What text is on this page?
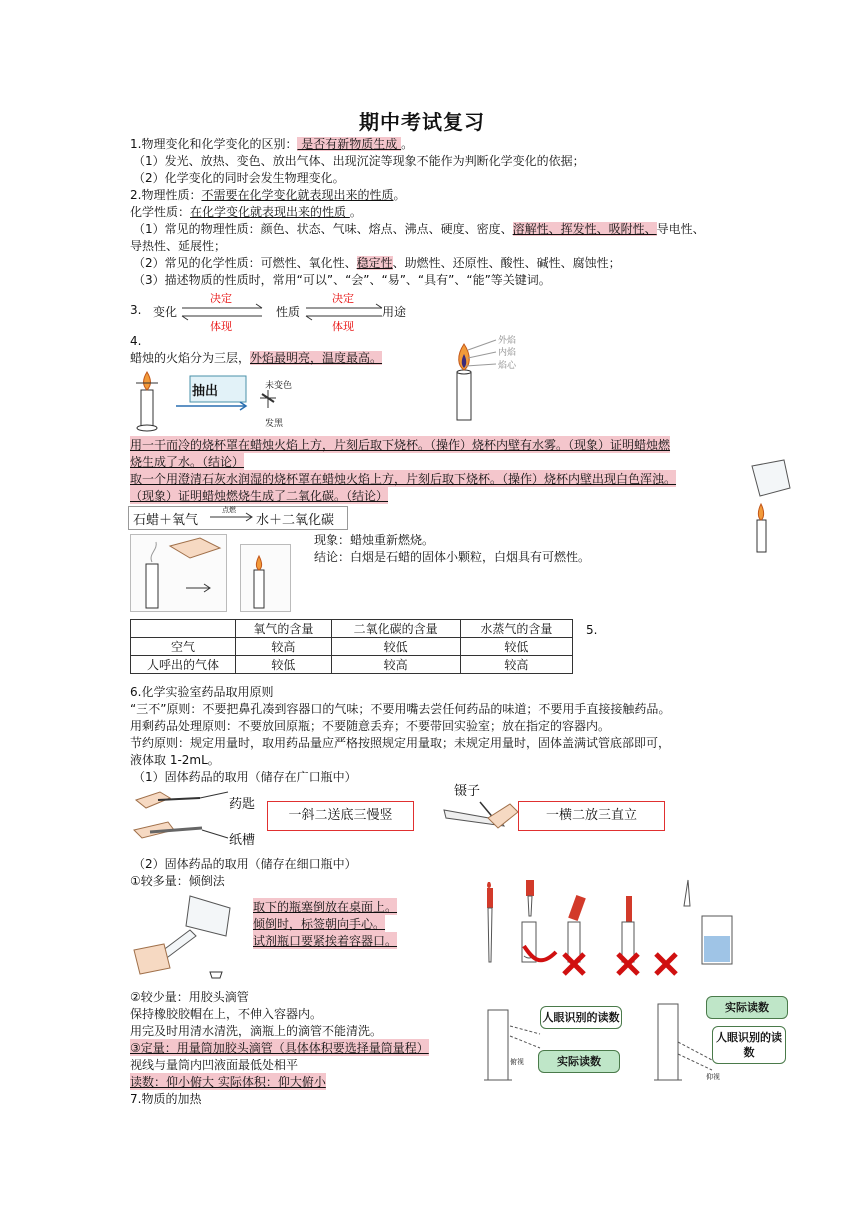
期中考试复习
1.物理变化和化学变化的区别： 是否有新物质生成 。
（1）发光、放热、变色、放出气体、出现沉淀等现象不能作为判断化学变化的依据；
（2）化学变化的同时会发生物理变化。
2.物理性质：不需要在化学变化就表现出来的性质。
化学性质：在化学变化就表现出来的性质 。
（1）常见的物理性质：颜色、状态、气味、熔点、沸点、硬度、密度、溶解性、挥发性、吸附性、导电性、
导热性、延展性；
（2）常见的化学性质：可燃性、氧化性、稳定性、助燃性、还原性、酸性、碱性、腐蚀性；
（3）描述物质的性质时，常用“可以”、“会”、“易”、“具有”、“能”等关键词。
3. 变化
决定
体现
性质
决定
体现
用途
4.
蜡烛的火焰分为三层，外焰最明亮，温度最高。
抽出	未变色
发黑
外焰
内焰
焰心
用一干而冷的烧杯罩在蜡烛火焰上方，片刻后取下烧杯。（操作）烧杯内壁有水雾。（现象）证明蜡烛燃
烧生成了水。（结论）
取一个用澄清石灰水润湿的烧杯罩在蜡烛火焰上方，片刻后取下烧杯。（操作）烧杯内壁出现白色浑浊。
（现象）证明蜡烛燃烧生成了二氧化碳。（结论）
石蜡＋氧气
点燃
水＋二氧化碳
现象：蜡烛重新燃烧。
结论：白烟是石蜡的固体小颗粒，白烟具有可燃性。
	氧气的含量	二氧化碳的含量	水蒸气的含量
空气	较高	较低	较低
人呼出的气体	较低	较高	较高
5.
6.化学实验室药品取用原则
“三不”原则：不要把鼻孔凑到容器口的气味；不要用嘴去尝任何药品的味道；不要用手直接接触药品。
用剩药品处理原则：不要放回原瓶；不要随意丢弃；不要带回实验室；放在指定的容器内。
节约原则：规定用量时，取用药品量应严格按照规定用量取；未规定用量时，固体盖满试管底部即可，
液体取 1-2mL。
（1）固体药品的取用（储存在广口瓶中）
药匙
纸槽
一斜二送底三慢竖
镊子
一横二放三直立
（2）固体药品的取用（储存在细口瓶中）
①较多量：倾倒法
取下的瓶塞倒放在桌面上。
倾倒时，标签朝向手心。
试剂瓶口要紧挨着容器口。
②较少量：用胶头滴管
保持橡胶胶帽在上，不伸入容器内。
用完及时用清水清洗，滴瓶上的滴管不能清洗。
③定量：用量筒加胶头滴管（具体体积要选择量筒量程）
视线与量筒内凹液面最低处相平
读数：仰小俯大 实际体积：仰大俯小
人眼识别的读数
实际读数
实际读数
人眼识别的读数
俯视
仰视
7.物质的加热
